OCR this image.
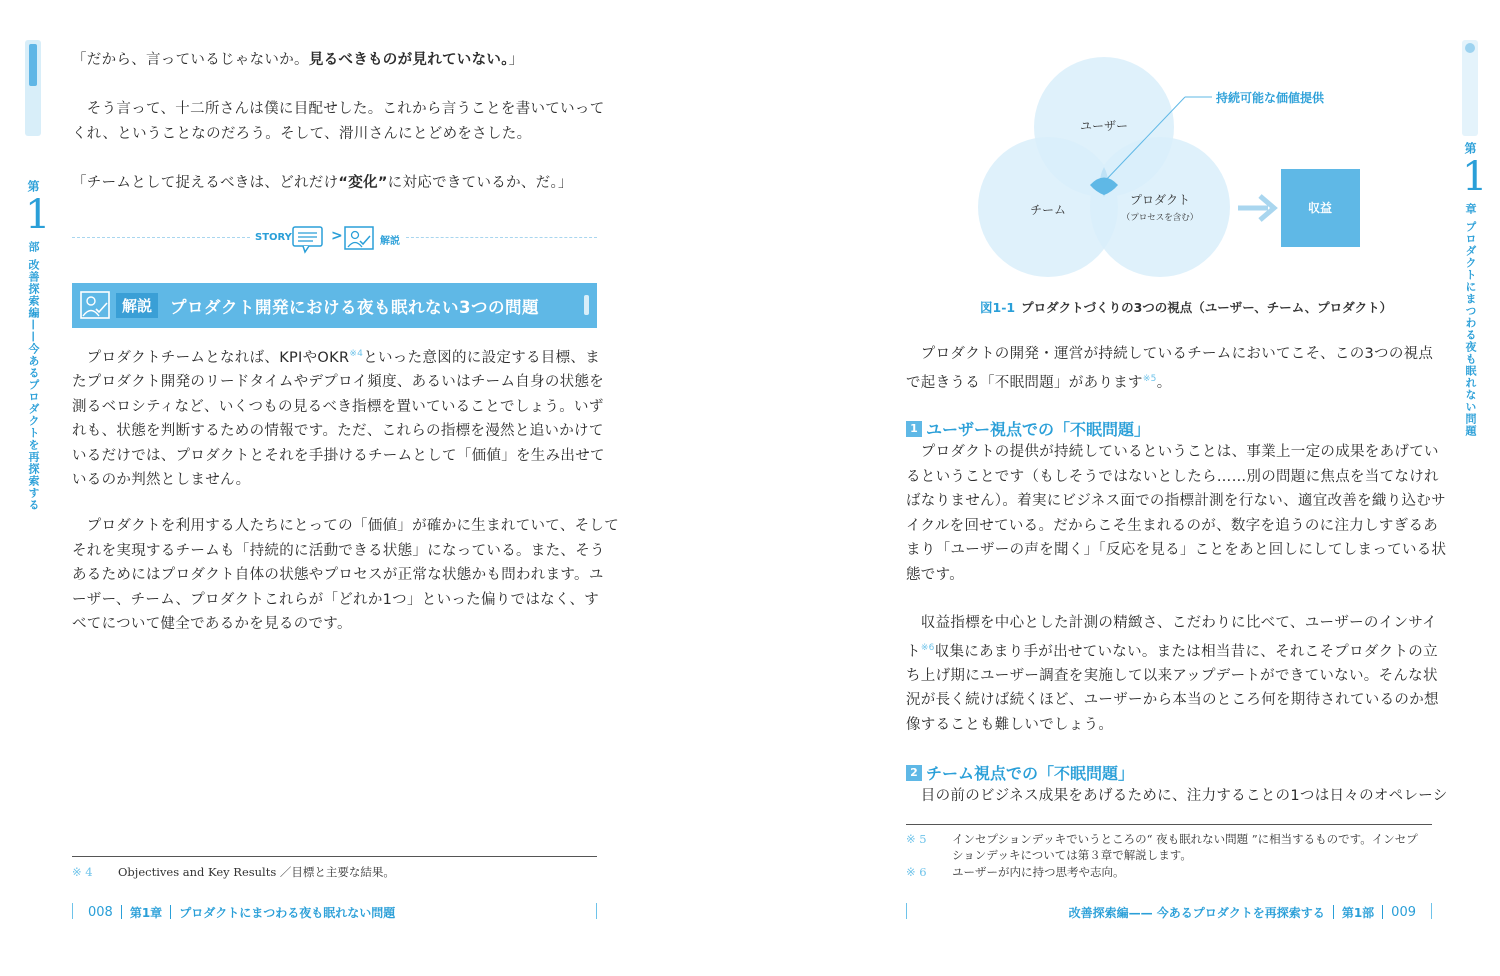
第
1
部
改善探索編——今あるプロダクトを再探索する
「だから、言っているじゃないか。見るべきものが見れていない。」
　そう言って、十二所さんは僕に目配せした。これから言うことを書いていって
くれ、ということなのだろう。そして、滑川さんにとどめをさした。
「チームとして捉えるべきは、どれだけ“変化”に対応できているか、だ。」
STORY	>	解説
解説	プロダクト開発における夜も眠れない3つの問題
　プロダクトチームとなれば、KPIやOKR$^{※4}$といった意図的に設定する目標、ま
たプロダクト開発のリードタイムやデプロイ頻度、あるいはチーム自身の状態を
測るベロシティなど、いくつもの見るべき指標を置いていることでしょう。いず
れも、状態を判断するための情報です。ただ、これらの指標を漫然と追いかけて
いるだけでは、プロダクトとそれを手掛けるチームとして「価値」を生み出せて
いるのか判然としません。
　プロダクトを利用する人たちにとっての「価値」が確かに生まれていて、そして
それを実現するチームも「持続的に活動できる状態」になっている。また、そう
あるためにはプロダクト自体の状態やプロセスが正常な状態かも問われます。ユ
ーザー、チーム、プロダクトこれらが「どれか1つ」といった偏りではなく、す
べてについて健全であるかを見るのです。
※ 4 Objectives and Key Results ／目標と主要な結果。
008 第1章 プロダクトにまつわる夜も眠れない問題
第
1
章
プロダクトにまつわる夜も眠れない問題
持続可能な価値提供
ユーザー
チーム
プロダクト
（プロセスを含む）
収益
図1-1 プロダクトづくりの3つの視点（ユーザー、チーム、プロダクト）
　プロダクトの開発・運営が持続しているチームにおいてこそ、この3つの視点
で起きうる「不眠問題」があります$^{※5}$。
1 ユーザー視点での「不眠問題」
　プロダクトの提供が持続しているということは、事業上一定の成果をあげてい
るということです（もしそうではないとしたら……別の問題に焦点を当てなけれ
ばなりません）。着実にビジネス面での指標計測を行ない、適宜改善を織り込むサ
イクルを回せている。だからこそ生まれるのが、数字を追うのに注力しすぎるあ
まり「ユーザーの声を聞く」「反応を見る」ことをあと回しにしてしまっている状
態です。
　収益指標を中心とした計測の精緻さ、こだわりに比べて、ユーザーのインサイ
ト$^{※6}$収集にあまり手が出せていない。または相当昔に、それこそプロダクトの立
ち上げ期にユーザー調査を実施して以来アップデートができていない。そんな状
況が長く続けば続くほど、ユーザーから本当のところ何を期待されているのか想
像することも難しいでしょう。
2 チーム視点での「不眠問題」
　目の前のビジネス成果をあげるために、注力することの1つは日々のオペレーシ
※ 5 インセプションデッキでいうところの“ 夜も眠れない問題 ”に相当するものです。インセプ
ションデッキについては第３章で解説します。
※ 6 ユーザーが内に持つ思考や志向。
改善探索編—— 今あるプロダクトを再探索する 第1部 009
